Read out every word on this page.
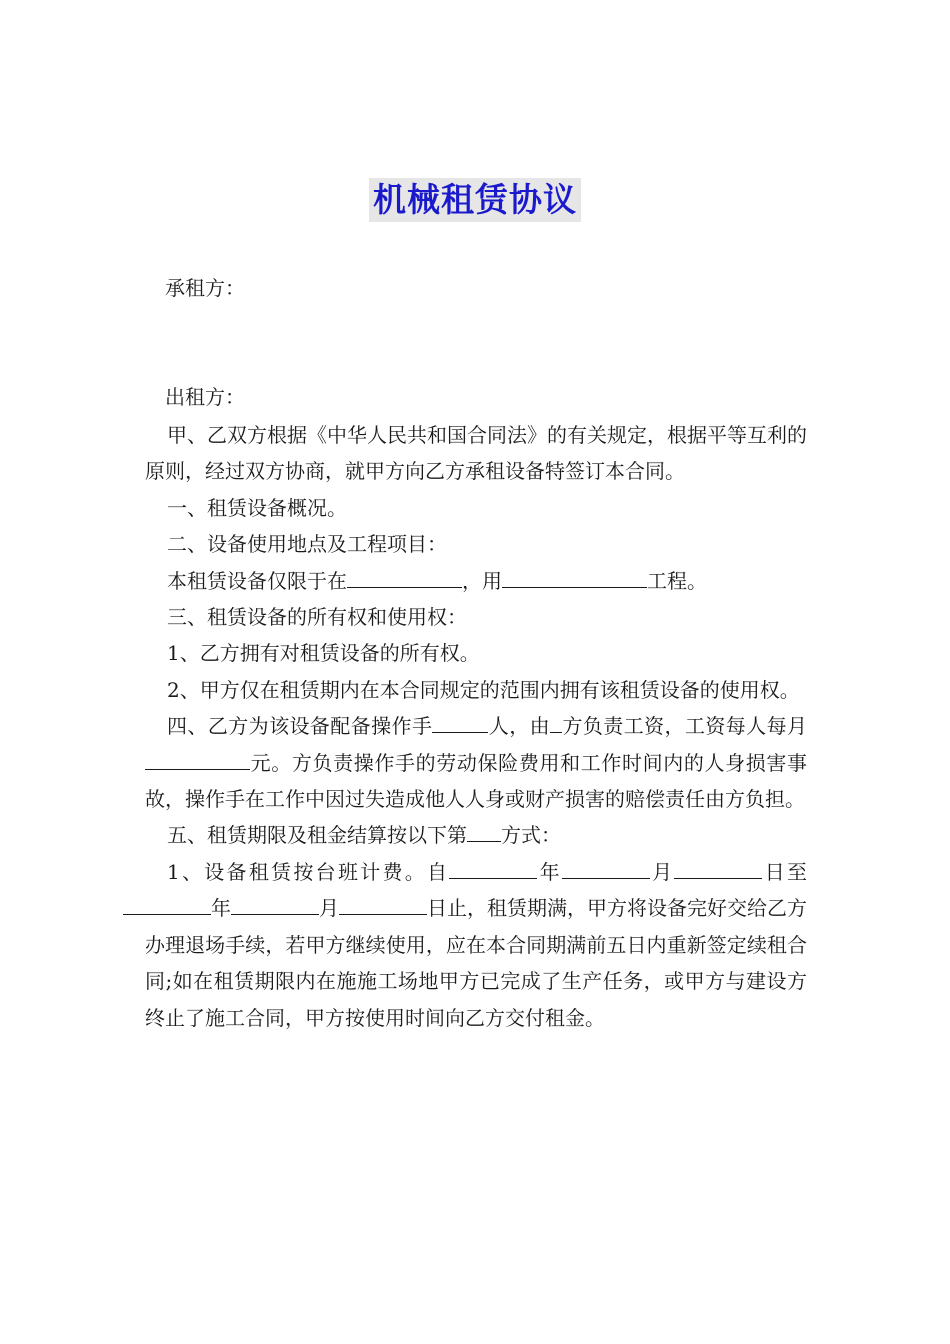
机械租赁协议
承租方：
出租方：

甲、乙双方根据《中华人民共和国合同法》的有关规定，根据平等互利的原则，经过双方协商，就甲方向乙方承租设备特签订本合同。

一、租赁设备概况。

二、设备使用地点及工程项目：

本租赁设备仅限于在	，用	工程。

三、租赁设备的所有权和使用权：

1、乙方拥有对租赁设备的所有权。

2、甲方仅在租赁期内在本合同规定的范围内拥有该租赁设备的使用权。

四、乙方为该设备配备操作手	人，由 方负责工资，工资每人每月元。方负责操作手的劳动保险费用和工作时间内的人身损害事故，操作手在工作中因过失造成他人人身或财产损害的赔偿责任由方负担。

五、租赁期限及租金结算按以下第 方式：

1、设备租赁按台班计费。自	年	月	日至年	月	日止，租赁期满，甲方将设备完好交给乙方办理退场手续，若甲方继续使用，应在本合同期满前五日内重新签定续租合同;如在租赁期限内在施施工场地甲方已完成了生产任务，或甲方与建设方终止了施工合同，甲方按使用时间向乙方交付租金。
